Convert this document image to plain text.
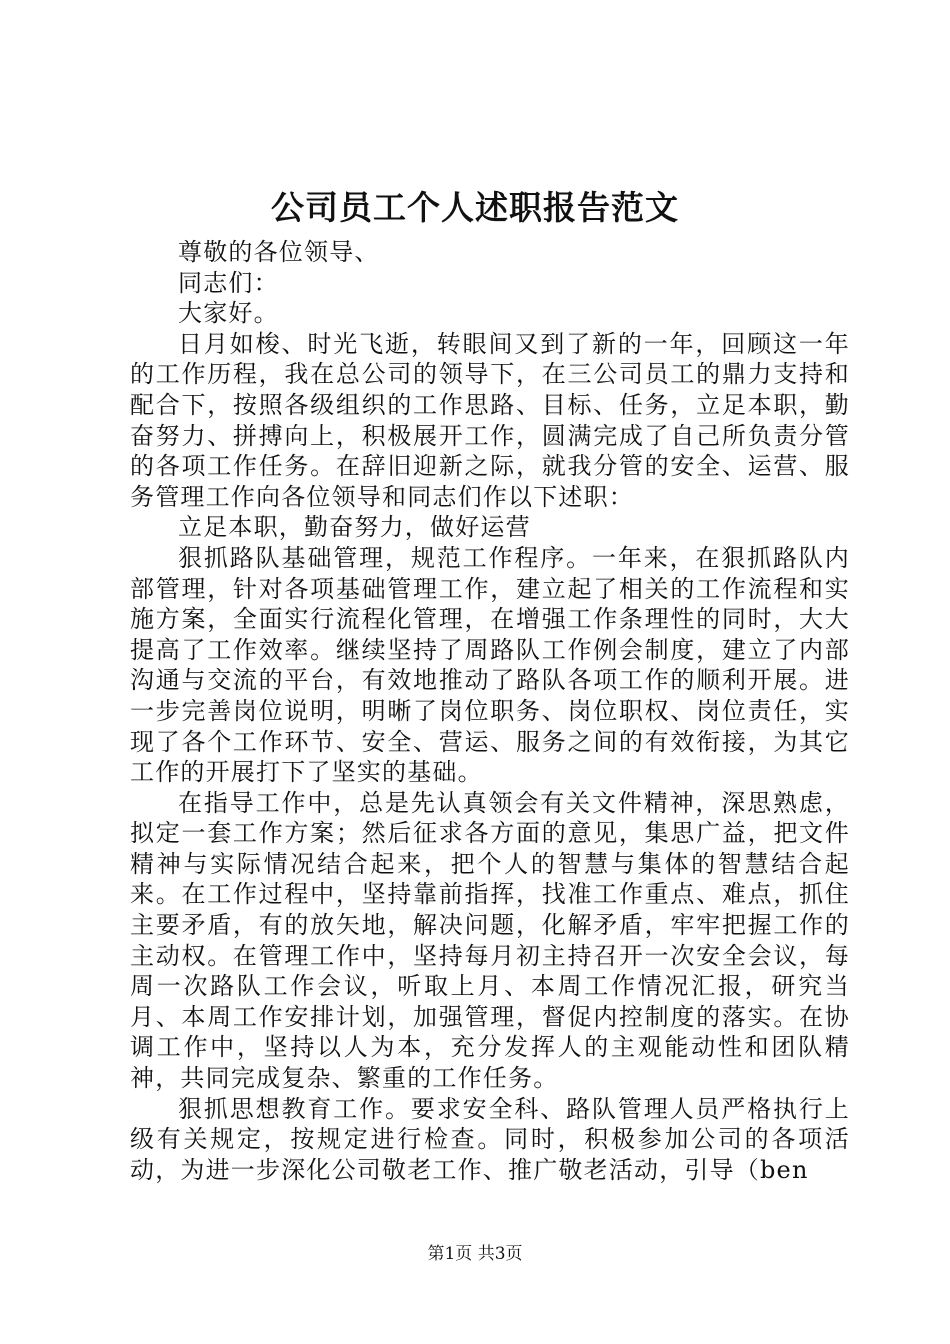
公司员工个人述职报告范文

尊敬的各位领导、

同志们：

大家好。

日月如梭、时光飞逝，转眼间又到了新的一年，回顾这一年的工作历程，我在总公司的领导下，在三公司员工的鼎力支持和配合下，按照各级组织的工作思路、目标、任务，立足本职，勤奋努力、拼搏向上，积极展开工作，圆满完成了自己所负责分管的各项工作任务。在辞旧迎新之际，就我分管的安全、运营、服务管理工作向各位领导和同志们作以下述职：

立足本职，勤奋努力，做好运营

狠抓路队基础管理，规范工作程序。一年来，在狠抓路队内部管理，针对各项基础管理工作，建立起了相关的工作流程和实施方案，全面实行流程化管理，在增强工作条理性的同时，大大提高了工作效率。继续坚持了周路队工作例会制度，建立了内部沟通与交流的平台，有效地推动了路队各项工作的顺利开展。进一步完善岗位说明，明晰了岗位职务、岗位职权、岗位责任，实现了各个工作环节、安全、营运、服务之间的有效衔接，为其它工作的开展打下了坚实的基础。

在指导工作中，总是先认真领会有关文件精神，深思熟虑，拟定一套工作方案；然后征求各方面的意见，集思广益，把文件精神与实际情况结合起来，把个人的智慧与集体的智慧结合起来。在工作过程中，坚持靠前指挥，找准工作重点、难点，抓住主要矛盾，有的放矢地，解决问题，化解矛盾，牢牢把握工作的主动权。在管理工作中，坚持每月初主持召开一次安全会议，每周一次路队工作会议，听取上月、本周工作情况汇报，研究当月、本周工作安排计划，加强管理，督促内控制度的落实。在协调工作中，坚持以人为本，充分发挥人的主观能动性和团队精神，共同完成复杂、繁重的工作任务。

狠抓思想教育工作。要求安全科、路队管理人员严格执行上级有关规定，按规定进行检查。同时，积极参加公司的各项活动，为进一步深化公司敬老工作、推广敬老活动，引导（ben

第1页 共3页
